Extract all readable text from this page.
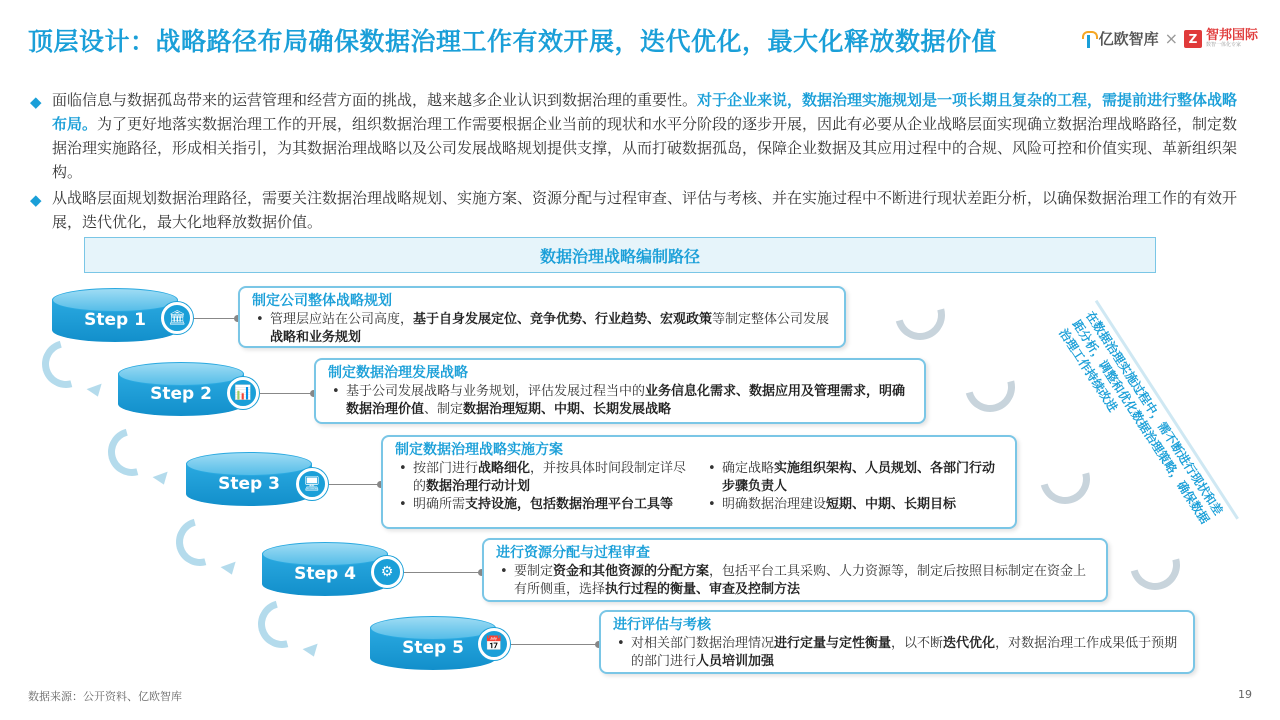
顶层设计：战略路径布局确保数据治理工作有效开展，迭代优化，最大化释放数据价值	亿欧智库 × Z 智邦国际
数智一体化专家
◆ 面临信息与数据孤岛带来的运营管理和经营方面的挑战，越来越多企业认识到数据治理的重要性。对于企业来说，数据治理实施规划是一项长期且复杂的工程，需提前进行整体战略布局。为了更好地落实数据治理工作的开展，组织数据治理工作需要根据企业当前的现状和水平分阶段的逐步开展，因此有必要从企业战略层面实现确立数据治理战略路径，制定数据治理实施路径，形成相关指引，为其数据治理战略以及公司发展战略规划提供支撑，从而打破数据孤岛，保障企业数据及其应用过程中的合规、风险可控和价值实现、革新组织架构。
◆ 从战略层面规划数据治理路径，需要关注数据治理战略规划、实施方案、资源分配与过程审查、评估与考核、并在实施过程中不断进行现状差距分析，以确保数据治理工作的有效开展，迭代优化，最大化地释放数据价值。
数据治理战略编制路径
Step 1	🏛
制定公司整体战略规划
• 管理层应站在公司高度，基于自身发展定位、竞争优势、行业趋势、宏观政策等制定整体公司发展战略和业务规划
Step 2	📊
制定数据治理发展战略
• 基于公司发展战略与业务规划，评估发展过程当中的业务信息化需求、数据应用及管理需求，明确数据治理价值、制定数据治理短期、中期、长期发展战略
Step 3	🖥
制定数据治理战略实施方案
• 按部门进行战略细化，并按具体时间段制定详尽的数据治理行动计划
• 明确所需支持设施，包括数据治理平台工具等
• 确定战略实施组织架构、人员规划、各部门行动步骤负责人
• 明确数据治理建设短期、中期、长期目标
Step 4	⚙
进行资源分配与过程审查
• 要制定资金和其他资源的分配方案，包括平台工具采购、人力资源等，制定后按照目标制定在资金上有所侧重，选择执行过程的衡量、审查及控制方法
Step 5	📅
进行评估与考核
• 对相关部门数据治理情况进行定量与定性衡量，以不断迭代优化，对数据治理工作成果低于预期的部门进行人员培训加强
在数据治理实施过程中，需不断进行现状和差距分析，调整和优化数据治理策略，确保数据治理工作持续改进
数据来源：公开资料、亿欧智库	19
